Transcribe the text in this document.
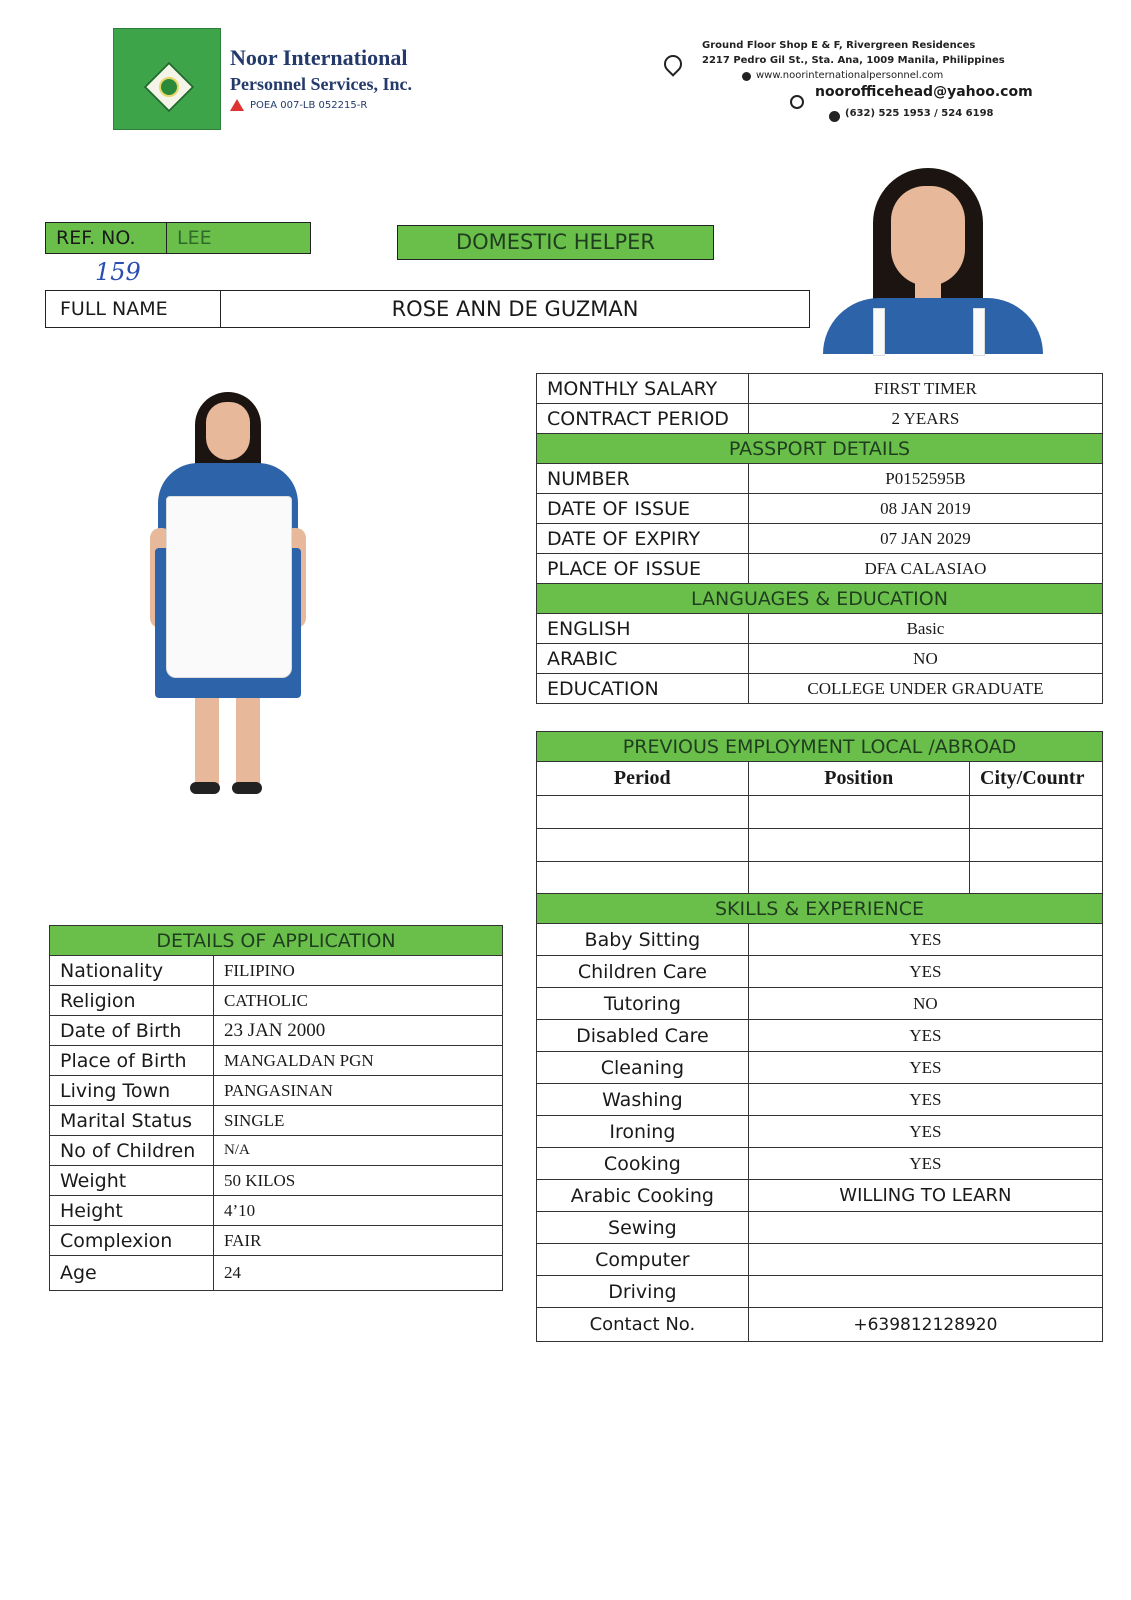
Noor International
Personnel Services, Inc.
POEA 007-LB 052215-R
Ground Floor Shop E & F, Rivergreen Residences
2217 Pedro Gil St., Sta. Ana, 1009 Manila, Philippines
www.noorinternationalpersonnel.com
noorofficehead@yahoo.com
(632) 525 1953 / 524 6198
REF. NO.	LEE
159
DOMESTIC HELPER
FULL NAME	ROSE ANN DE GUZMAN
MONTHLY SALARY	FIRST TIMER
CONTRACT PERIOD	2 YEARS
PASSPORT DETAILS	
NUMBER	P0152595B
DATE OF ISSUE	08 JAN 2019
DATE OF EXPIRY	07 JAN 2029
PLACE OF ISSUE	DFA CALASIAO
LANGUAGES & EDUCATION	
ENGLISH	Basic
ARABIC	NO
EDUCATION	COLLEGE UNDER GRADUATE
PREVIOUS EMPLOYMENT LOCAL /ABROAD		
Period	Position	City/Countr

SKILLS & EXPERIENCE	
Baby Sitting	YES
Children Care	YES
Tutoring	NO
Disabled Care	YES
Cleaning	YES
Washing	YES
Ironing	YES
Cooking	YES
Arabic Cooking	WILLING TO LEARN
Sewing	
Computer	
Driving	
Contact No.	+639812128920
DETAILS OF APPLICATION	
Nationality	FILIPINO
Religion	CATHOLIC
Date of Birth	23 JAN 2000
Place of Birth	MANGALDAN PGN
Living Town	PANGASINAN
Marital Status	SINGLE
No of Children	N/A
Weight	50 KILOS
Height	4’10
Complexion	FAIR
Age	24
